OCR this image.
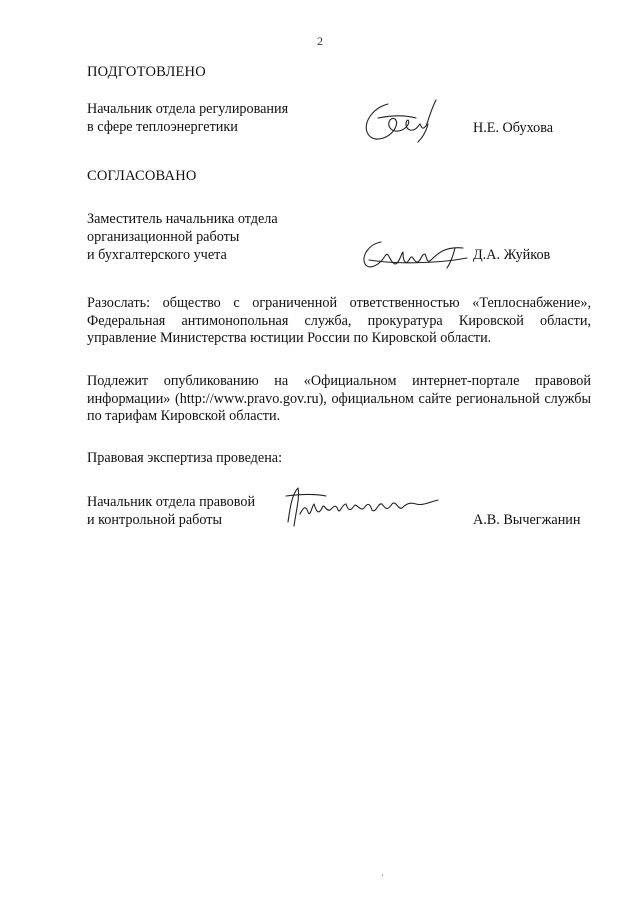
2
ПОДГОТОВЛЕНО
Начальник отдела регулирования
в сфере теплоэнергетики	Н.Е. Обухова
СОГЛАСОВАНО
Заместитель начальника отдела
организационной работы
и бухгалтерского учета	Д.А. Жуйков
Разослать: общество с ограниченной ответственностью «Теплоснабжение», Федеральная антимонопольная служба, прокуратура Кировской области, управление Министерства юстиции России по Кировской области.
Подлежит опубликованию на «Официальном интернет-портале правовой информации» (http://www.pravo.gov.ru), официальном сайте региональной службы по тарифам Кировской области.
Правовая экспертиза проведена:
Начальник отдела правовой
и контрольной работы	А.В. Вычегжанин
·
